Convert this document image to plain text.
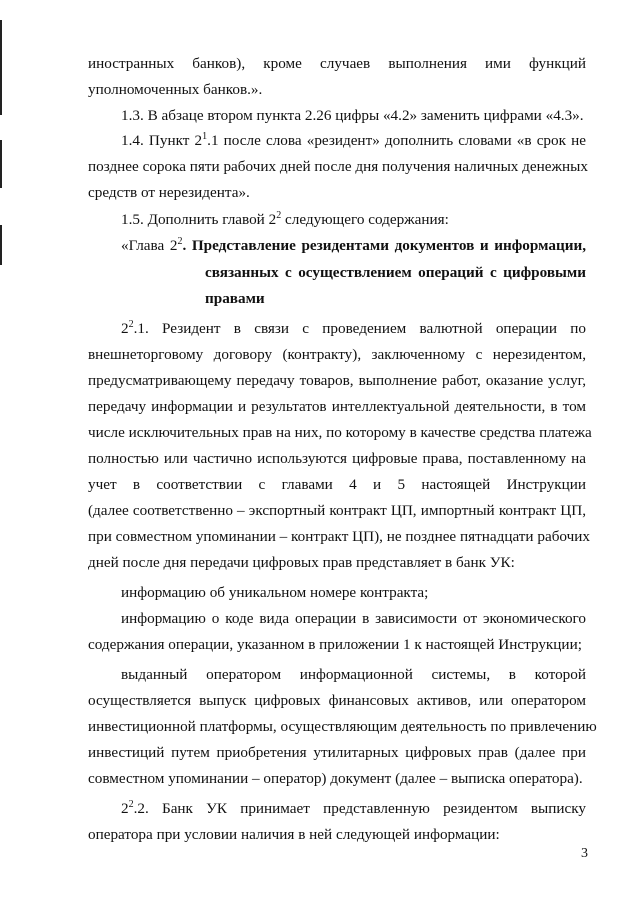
иностранных банков), кроме случаев выполнения ими функций
уполномоченных банков.».
1.3. В абзаце втором пункта 2.26 цифры «4.2» заменить цифрами «4.3».
1.4. Пункт $2^1.1$ после слова «резидент» дополнить словами «в срок не
позднее сорока пяти рабочих дней после дня получения наличных денежных
средств от нерезидента».
1.5. Дополнить главой $2^2$ следующего содержания:
«Глава $2^2$. Представление резидентами документов и информации,
связанных с осуществлением операций с цифровыми
правами
$2^2.1$. Резидент в связи с проведением валютной операции по
внешнеторговому договору (контракту), заключенному с нерезидентом,
предусматривающему передачу товаров, выполнение работ, оказание услуг,
передачу информации и результатов интеллектуальной деятельности, в том
числе исключительных прав на них, по которому в качестве средства платежа
полностью или частично используются цифровые права, поставленному на
учет в соответствии с главами 4 и 5 настоящей Инструкции
(далее соответственно – экспортный контракт ЦП, импортный контракт ЦП,
при совместном упоминании – контракт ЦП), не позднее пятнадцати рабочих
дней после дня передачи цифровых прав представляет в банк УК:
информацию об уникальном номере контракта;
информацию о коде вида операции в зависимости от экономического
содержания операции, указанном в приложении 1 к настоящей Инструкции;
выданный оператором информационной системы, в которой
осуществляется выпуск цифровых финансовых активов, или оператором
инвестиционной платформы, осуществляющим деятельность по привлечению
инвестиций путем приобретения утилитарных цифровых прав (далее при
совместном упоминании – оператор) документ (далее – выписка оператора).
$2^2.2$. Банк УК принимает представленную резидентом выписку
оператора при условии наличия в ней следующей информации:
3
